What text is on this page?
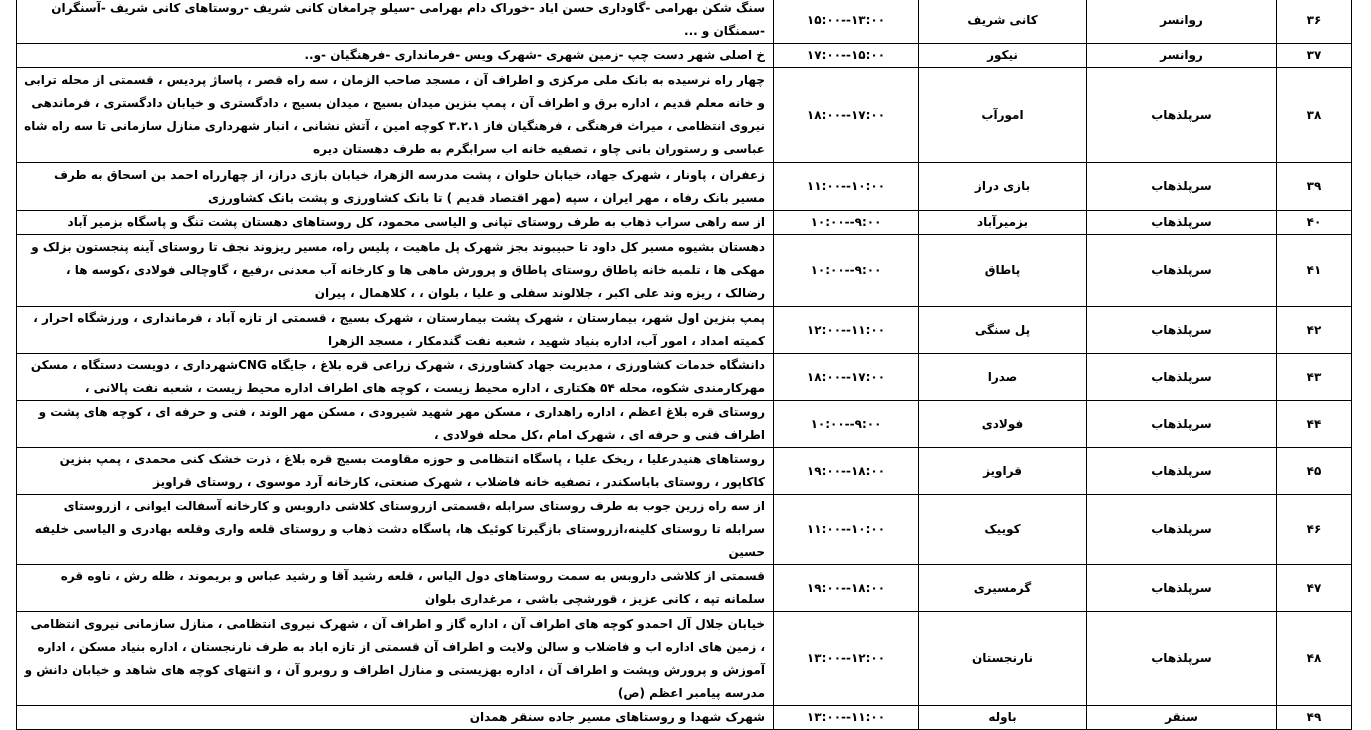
۳۶	روانسر	کانی شریف	۱۵:۰۰--۱۳:۰۰	سنگ شکن بهرامی -گاوداری حسن اباد -خوراک دام بهرامی -سیلو چرامغان کانی شریف -روستاهای کانی شریف -آسنگران -سمنگان و ...
۳۷	روانسر	نیکور	۱۷:۰۰--۱۵:۰۰	خ اصلی شهر دست چپ -زمین شهری -شهرک ویس -فرمانداری -فرهنگیان -و..
۳۸	سرپلذهاب	امورآب	۱۸:۰۰--۱۷:۰۰	چهار راه نرسیده به بانک ملی مرکزی و اطراف آن ، مسجد صاحب الزمان ، سه راه قصر ، پاساژ پردیس ، قسمتی از محله ترابی و خانه معلم قدیم ، اداره برق و اطراف آن ، پمپ بنزین میدان بسیج ، میدان بسیج ، دادگستری و خیابان دادگستری ، فرماندهی نیروی انتظامی ، میراث فرهنگی ، فرهنگیان فاز ۳.۲.۱ کوچه امین ، آتش نشانی ، انبار شهرداری منازل سازمانی تا سه راه شاه عباسی و رستوران بانی چاو ، تصفیه خانه اب سرابگرم به طرف دهستان دیره
۳۹	سرپلذهاب	بازی دراز	۱۱:۰۰--۱۰:۰۰	زعفران ، پاونار ، شهرک جهاد، خیابان حلوان ، پشت مدرسه الزهرا، خیابان بازی دراز، از چهارراه احمد بن اسحاق به طرف مسیر بانک رفاه ، مهر ایران ، سپه (مهر اقتصاد قدیم ) تا بانک کشاورزی و پشت بانک کشاورزی
۴۰	سرپلذهاب	بزمیرآباد	۱۰:۰۰--۹:۰۰	از سه راهی سراب ذهاب به طرف روستای تپانی و الیاسی محمود، کل روستاهای دهستان پشت تنگ و پاسگاه بزمیر آباد
۴۱	سرپلذهاب	پاطاق	۱۰:۰۰--۹:۰۰	دهستان بشیوه مسیر کل داود تا حبیبوند بجز شهرک پل ماهیت ، پلیس راه، مسیر ریزوند نجف تا روستای آینه پنجستون بزلک و مهکی ها ، تلمبه خانه پاطاق روستای پاطاق و پرورش ماهی ها و کارخانه آب معدنی ،رفیع ، گاوچالی فولادی ،کوسه ها ، رضالک ، ریزه وند علی اکبر ، جلالوند سفلی و علیا ، بلوان ، ، کلاهمال ، پیران
۴۲	سرپلذهاب	پل سنگی	۱۲:۰۰--۱۱:۰۰	پمپ بنزین اول شهر، بیمارستان ، شهرک پشت بیمارستان ، شهرک بسیج ، قسمتی از تازه آباد ، فرمانداری ، ورزشگاه احرار ، کمیته امداد ، امور آب، اداره بنیاد شهید ، شعبه نفت گندمکار ، مسجد الزهرا
۴۳	سرپلذهاب	صدرا	۱۸:۰۰--۱۷:۰۰	دانشگاه خدمات کشاورزی ، مدیریت جهاد کشاورزی ، شهرک زراعی قره بلاغ ، جایگاه CNGشهرداری ، دویست دستگاه ، مسکن مهرکارمندی شکوه، محله ۵۴ هکتاری ، اداره محیط زیست ، کوچه های اطراف اداره محیط زیست ، شعبه نفت پالانی ،
۴۴	سرپلذهاب	فولادی	۱۰:۰۰--۹:۰۰	روستای قره بلاغ اعظم ، اداره راهداری ، مسکن مهر شهید شیرودی ، مسکن مهر الوند ، فنی و حرفه ای ، کوچه های پشت و اطراف فنی و حرفه ای ، شهرک امام ،کل محله فولادی ،
۴۵	سرپلذهاب	قراویز	۱۹:۰۰--۱۸:۰۰	روستاهای هنیدرعلیا ، ریخک علیا ، پاسگاه انتظامی و حوزه مقاومت بسیج قره بلاغ ، ذرت خشک کنی محمدی ، پمپ بنزین کاکاپور ، روستای باباسکندر ، تصفیه خانه فاضلاب ، شهرک صنعتی، کارخانه آرد موسوی ، روستای قراویز
۴۶	سرپلذهاب	کوییک	۱۱:۰۰--۱۰:۰۰	از سه راه زرین جوب به طرف روستای سرابله ،قسمتی ازروستای کلاشی داروبس و کارخانه آسفالت ایوانی ، ازروستای سرابله تا روستای کلینه،ازروستای بازگیرتا کوئیک ها، پاسگاه دشت ذهاب و روستای قلعه واری وقلعه بهادری و الیاسی خلیفه حسین
۴۷	سرپلذهاب	گرمسیری	۱۹:۰۰--۱۸:۰۰	قسمتی از کلاشی داروبس به سمت روستاهای دول الیاس ، قلعه رشید آقا و رشید عباس و بریموند ، ظله رش ، ناوه قره سلمانه تپه ، کانی عزیز ، قورشچی باشی ، مرغداری بلوان
۴۸	سرپلذهاب	نارنجستان	۱۳:۰۰--۱۲:۰۰	خیابان جلال آل احمدو کوچه های اطراف آن ، اداره گاز و اطراف آن ، شهرک نیروی انتظامی ، منازل سازمانی نیروی انتظامی ، زمین های اداره اب و فاضلاب و سالن ولایت و اطراف آن قسمتی از تازه اباد به طرف نارنجستان ، اداره بنیاد مسکن ، اداره آموزش و پرورش وپشت و اطراف آن ، اداره بهزیستی و منازل اطراف و روبرو آن ، و انتهای کوچه های شاهد و خیابان دانش و مدرسه پیامبر اعظم (ص)
۴۹	سنقر	باوله	۱۳:۰۰--۱۱:۰۰	شهرک شهدا و روستاهای مسیر جاده سنقر همدان
